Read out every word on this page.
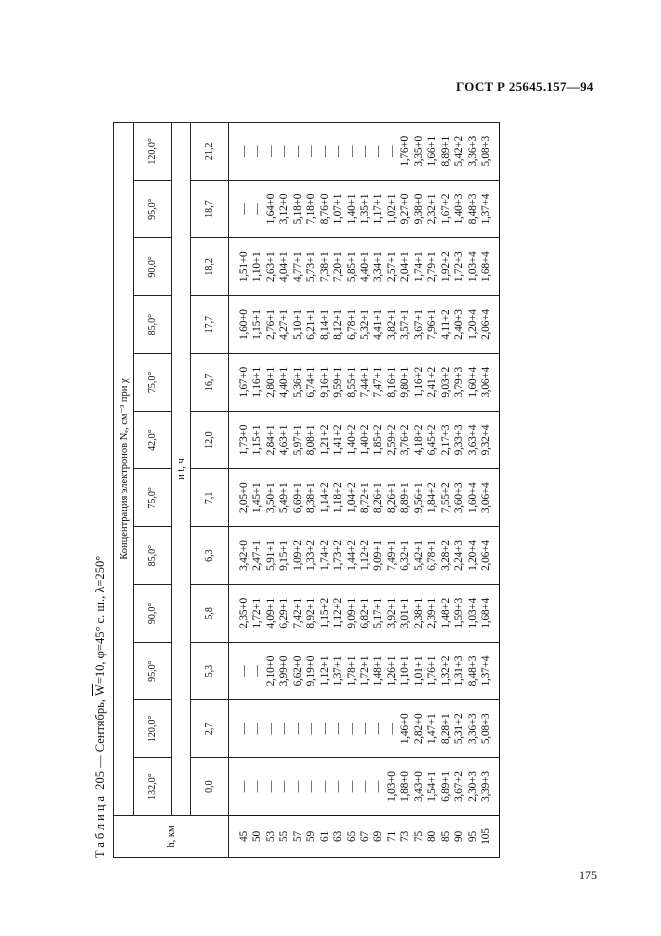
ГОСТ Р 25645.157—94
175
Таблица 205 — Сентябрь, $\overline{W}=10$, φ=45° с. ш., λ=250°
h, км	Концентрация электронов Nₑ, см⁻³ при χ											
	132,0°	120,0°	95,0°	90,0°	85,0°	75,0°	42,0°	75,0°	85,0°	90,0°	95,0°	120,0°
	и t, ч											
	0,0	2,7	5,3	5,8	6,3	7,1	12,0	16,7	17,7	18,2	18,7	21,2
45	—	—	—	2,35+0	3,42+0	2,05+0	1,73+0	1,67+0	1,60+0	1,51+0	—	—
50	—	—	—	1,72+1	2,47+1	1,45+1	1,15+1	1,16+1	1,15+1	1,10+1	—	—
53	—	—	2,10+0	4,09+1	5,91+1	3,50+1	2,84+1	2,80+1	2,76+1	2,63+1	1,64+0	—
55	—	—	3,99+0	6,29+1	9,15+1	5,49+1	4,63+1	4,40+1	4,27+1	4,04+1	3,12+0	—
57	—	—	6,62+0	7,42+1	1,09+2	6,69+1	5,97+1	5,36+1	5,10+1	4,77+1	5,18+0	—
59	—	—	9,19+0	8,92+1	1,33+2	8,38+1	8,08+1	6,74+1	6,21+1	5,73+1	7,18+0	—
61	—	—	1,12+1	1,15+2	1,74+2	1,14+2	1,21+2	9,16+1	8,14+1	7,38+1	8,76+0	—
63	—	—	1,37+1	1,12+2	1,73+2	1,18+2	1,41+2	9,59+1	8,12+1	7,20+1	1,07+1	—
65	—	—	1,78+1	9,09+1	1,44+2	1,04+2	1,40+2	8,55+1	6,78+1	5,85+1	1,40+1	—
67	—	—	1,72+1	6,82+1	1,12+2	8,72+1	1,40+2	7,44+1	5,32+1	4,40+1	1,35+1	—
69	—	—	1,48+1	5,17+1	9,09+1	8,26+1	1,85+2	7,47+1	4,41+1	3,34+1	1,17+1	—
71	1,03+0	—	1,26+1	3,92+1	7,49+1	8,26+1	2,59+2	8,16+1	3,82+1	2,57+1	1,02+1	—
73	1,88+0	1,46+0	1,10+1	3,01+1	6,32+1	8,89+1	3,76+2	9,80+1	3,57+1	2,04+1	9,27+0	1,76+0
75	3,43+0	2,82+0	1,01+1	2,38+1	5,42+1	9,56+1	4,18+2	1,16+2	3,67+1	1,74+1	9,38+0	3,35+0
80	1,54+1	1,47+1	1,76+1	2,39+1	6,78+1	1,84+2	6,45+2	2,41+2	7,96+1	2,79+1	2,32+1	1,66+1
85	6,89+1	8,28+1	1,32+2	1,48+2	3,28+2	7,55+2	2,17+3	9,03+2	4,11+2	1,92+2	1,67+2	8,89+1
90	3,67+2	5,31+2	1,31+3	1,59+3	2,24+3	3,60+3	9,33+3	3,79+3	2,40+3	1,72+3	1,40+3	5,42+2
95	2,30+3	3,36+3	8,48+3	1,03+4	1,20+4	1,60+4	3,63+4	1,60+4	1,20+4	1,03+4	8,48+3	3,36+3
105	3,39+3	5,08+3	1,37+4	1,68+4	2,06+4	3,06+4	9,32+4	3,06+4	2,06+4	1,68+4	1,37+4	5,08+3
